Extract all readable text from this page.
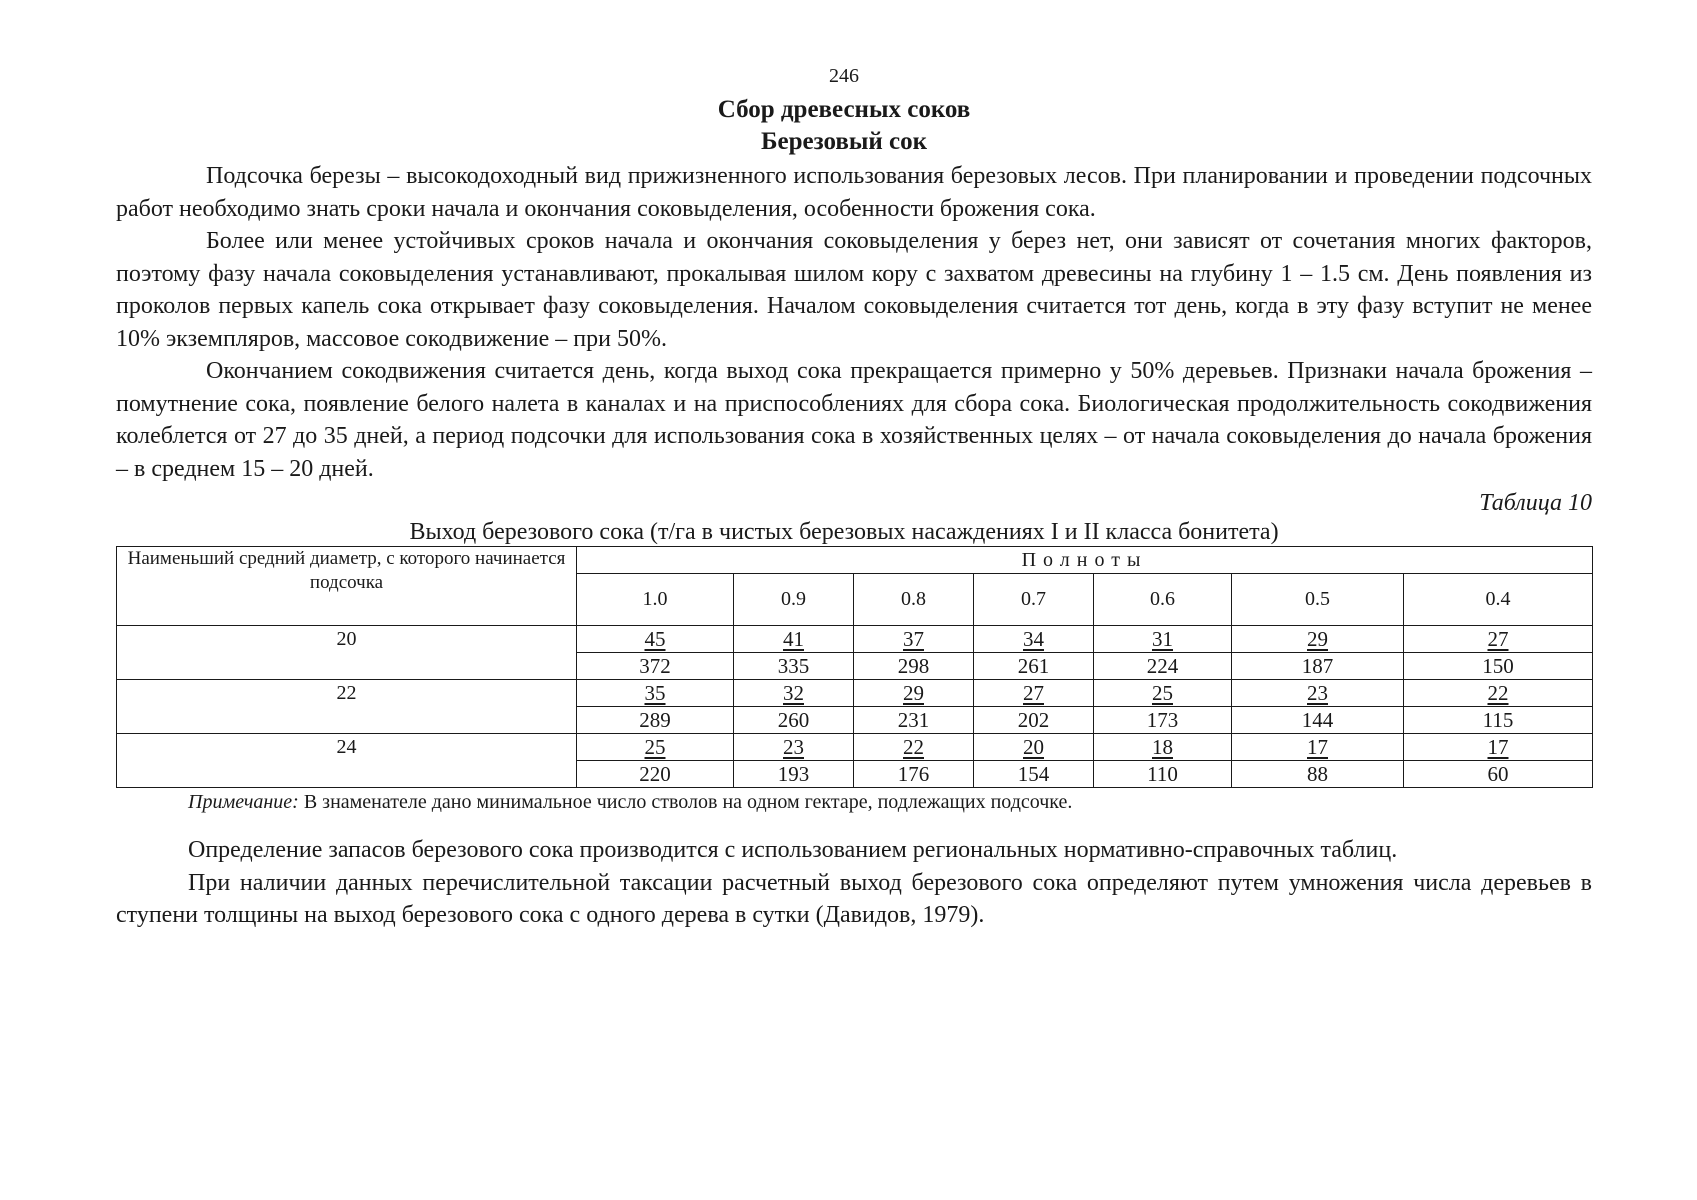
246
Сбор древесных соков
Березовый сок

Подсочка березы – высокодоходный вид прижизненного использования березовых лесов. При планировании и проведении подсочных работ необходимо знать сроки начала и окончания соковыделения, особенности брожения сока.

Более или менее устойчивых сроков начала и окончания соковыделения у берез нет, они зависят от сочетания многих факторов, поэтому фазу начала соковыделения устанавливают, прокалывая шилом кору с захватом древесины на глубину 1 – 1.5 см. День появления из проколов первых капель сока открывает фазу соковыделения. Началом соковыделения считается тот день, когда в эту фазу вступит не менее 10% экземпляров, массовое сокодвижение – при 50%.

Окончанием сокодвижения считается день, когда выход сока прекращается примерно у 50% деревьев. Признаки начала брожения – помутнение сока, появление белого налета в каналах и на приспособлениях для сбора сока. Биологическая продолжительность сокодвижения колеблется от 27 до 35 дней, а период подсочки для использования сока в хозяйственных целях – от начала соковыделения до начала брожения – в среднем 15 – 20 дней.

Таблица 10
Выход березового сока (т/га в чистых березовых насаждениях I и II класса бонитета)
Наименьший средний диаметр, с которого начинается подсочка	Полноты						
	1.0	0.9	0.8	0.7	0.6	0.5	0.4
20	45	41	37	34	31	29	27
	372	335	298	261	224	187	150
22	35	32	29	27	25	23	22
	289	260	231	202	173	144	115
24	25	23	22	20	18	17	17
	220	193	176	154	110	88	60
Примечание: В знаменателе дано минимальное число стволов на одном гектаре, подлежащих подсочке.

Определение запасов березового сока производится с использованием региональных нормативно-справочных таблиц.

При наличии данных перечислительной таксации расчетный выход березового сока определяют путем умножения числа деревьев в ступени толщины на выход березового сока с одного дерева в сутки (Давидов, 1979).
